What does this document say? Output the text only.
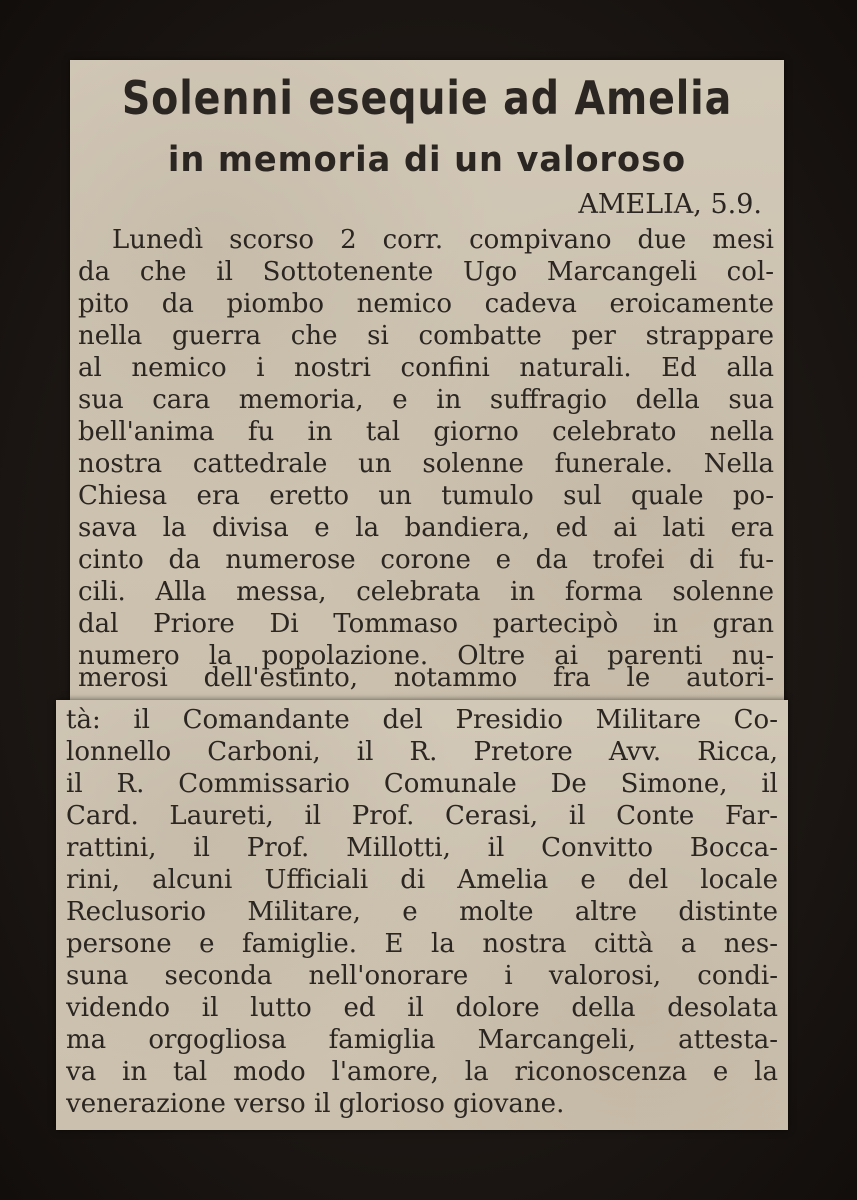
Solenni esequie ad Amelia
in memoria di un valoroso
AMELIA, 5.9.
Lunedì scorso 2 corr. compivano due mesi
da che il Sottotenente Ugo Marcangeli col-
pito da piombo nemico cadeva eroicamente
nella guerra che si combatte per strappare
al nemico i nostri confini naturali. Ed alla
sua cara memoria, e in suffragio della sua
bell'anima fu in tal giorno celebrato nella
nostra cattedrale un solenne funerale. Nella
Chiesa era eretto un tumulo sul quale po-
sava la divisa e la bandiera, ed ai lati era
cinto da numerose corone e da trofei di fu-
cili. Alla messa, celebrata in forma solenne
dal Priore Di Tommaso partecipò in gran
numero la popolazione. Oltre ai parenti nu-
merosi dell'estinto, notammo fra le autori-
tà: il Comandante del Presidio Militare Co-
lonnello Carboni, il R. Pretore Avv. Ricca,
il R. Commissario Comunale De Simone, il
Card. Laureti, il Prof. Cerasi, il Conte Far-
rattini, il Prof. Millotti, il Convitto Bocca-
rini, alcuni Ufficiali di Amelia e del locale
Reclusorio Militare, e molte altre distinte
persone e famiglie. E la nostra città a nes-
suna seconda nell'onorare i valorosi, condi-
videndo il lutto ed il dolore della desolata
ma orgogliosa famiglia Marcangeli, attesta-
va in tal modo l'amore, la riconoscenza e la
venerazione verso il glorioso giovane.
